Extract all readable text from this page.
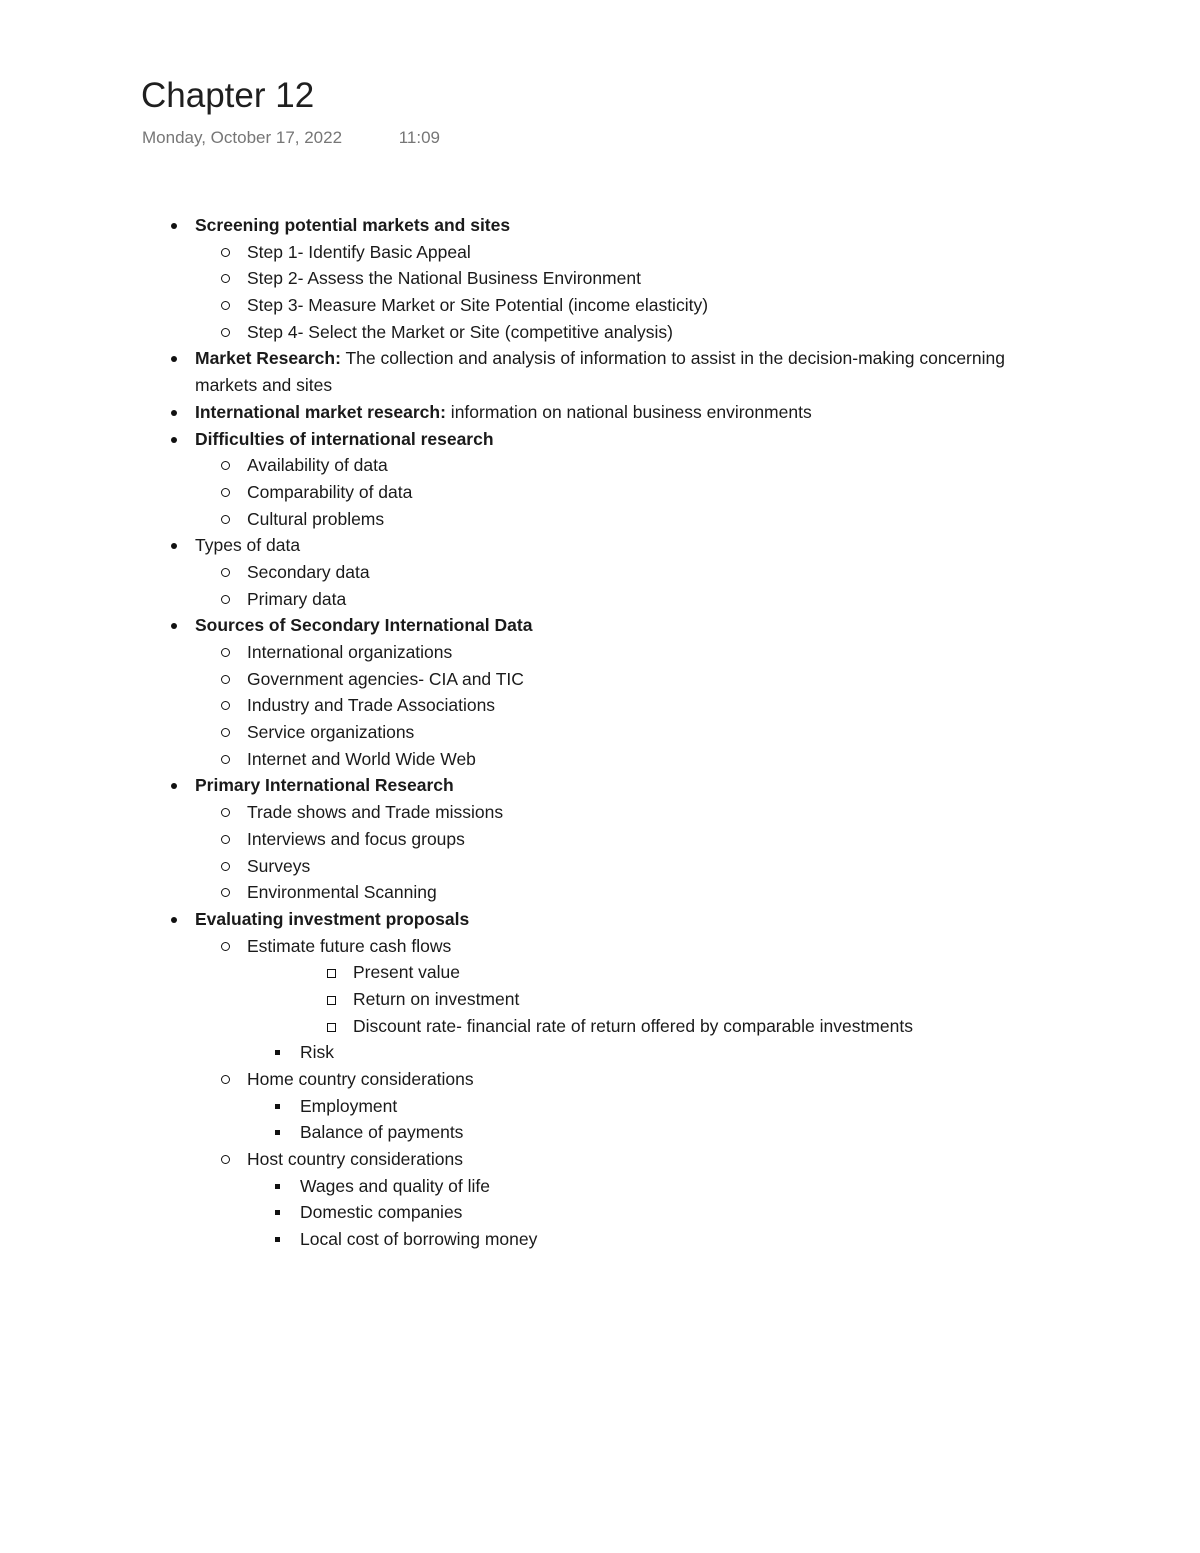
Chapter 12
Monday, October 17, 2022	11:09
Screening potential markets and sites
Step 1- Identify Basic Appeal
Step 2- Assess the National Business Environment
Step 3- Measure Market or Site Potential (income elasticity)
Step 4- Select the Market or Site (competitive analysis)
Market Research: The collection and analysis of information to assist in the decision-making concerning markets and sites
International market research: information on national business environments
Difficulties of international research
Availability of data
Comparability of data
Cultural problems
Types of data
Secondary data
Primary data
Sources of Secondary International Data
International organizations
Government agencies- CIA and TIC
Industry and Trade Associations
Service organizations
Internet and World Wide Web
Primary International Research
Trade shows and Trade missions
Interviews and focus groups
Surveys
Environmental Scanning
Evaluating investment proposals
Estimate future cash flows
Present value
Return on investment
Discount rate- financial rate of return offered by comparable investments
Risk
Home country considerations
Employment
Balance of payments
Host country considerations
Wages and quality of life
Domestic companies
Local cost of borrowing money
